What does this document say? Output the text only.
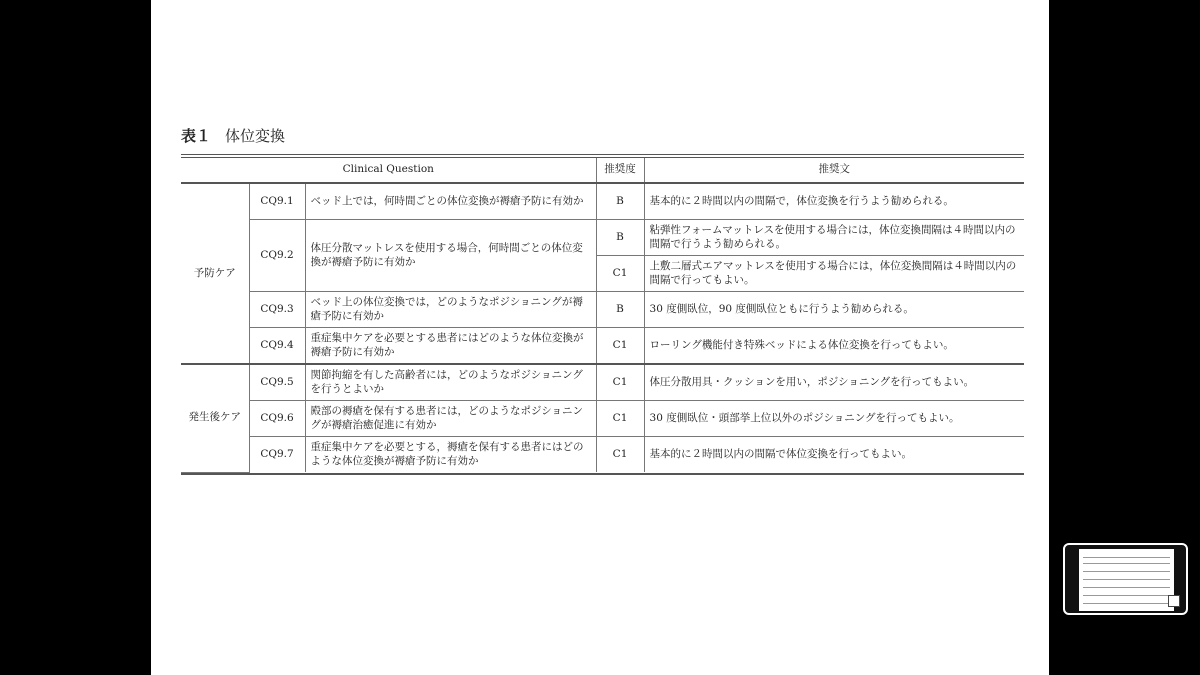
表１ 体位変換
Clinical Question			推奨度	推奨文
予防ケア	CQ9.1	ベッド上では，何時間ごとの体位変換が褥瘡予防に有効か	B	基本的に２時間以内の間隔で，体位変換を行うよう勧められる。
	CQ9.2	体圧分散マットレスを使用する場合，何時間ごとの体位変換が褥瘡予防に有効か	B	粘弾性フォームマットレスを使用する場合には，体位変換間隔は４時間以内の間隔で行うよう勧められる。
			C1	上敷二層式エアマットレスを使用する場合には，体位変換間隔は４時間以内の間隔で行ってもよい。
	CQ9.3	ベッド上の体位変換では，どのようなポジショニングが褥瘡予防に有効か	B	30 度側臥位，90 度側臥位ともに行うよう勧められる。
	CQ9.4	重症集中ケアを必要とする患者にはどのような体位変換が褥瘡予防に有効か	C1	ローリング機能付き特殊ベッドによる体位変換を行ってもよい。
発生後ケア	CQ9.5	関節拘縮を有した高齢者には，どのようなポジショニングを行うとよいか	C1	体圧分散用具・クッションを用い，ポジショニングを行ってもよい。
	CQ9.6	殿部の褥瘡を保有する患者には，どのようなポジショニングが褥瘡治癒促進に有効か	C1	30 度側臥位・頭部挙上位以外のポジショニングを行ってもよい。
	CQ9.7	重症集中ケアを必要とする，褥瘡を保有する患者にはどのような体位変換が褥瘡予防に有効か	C1	基本的に２時間以内の間隔で体位変換を行ってもよい。
